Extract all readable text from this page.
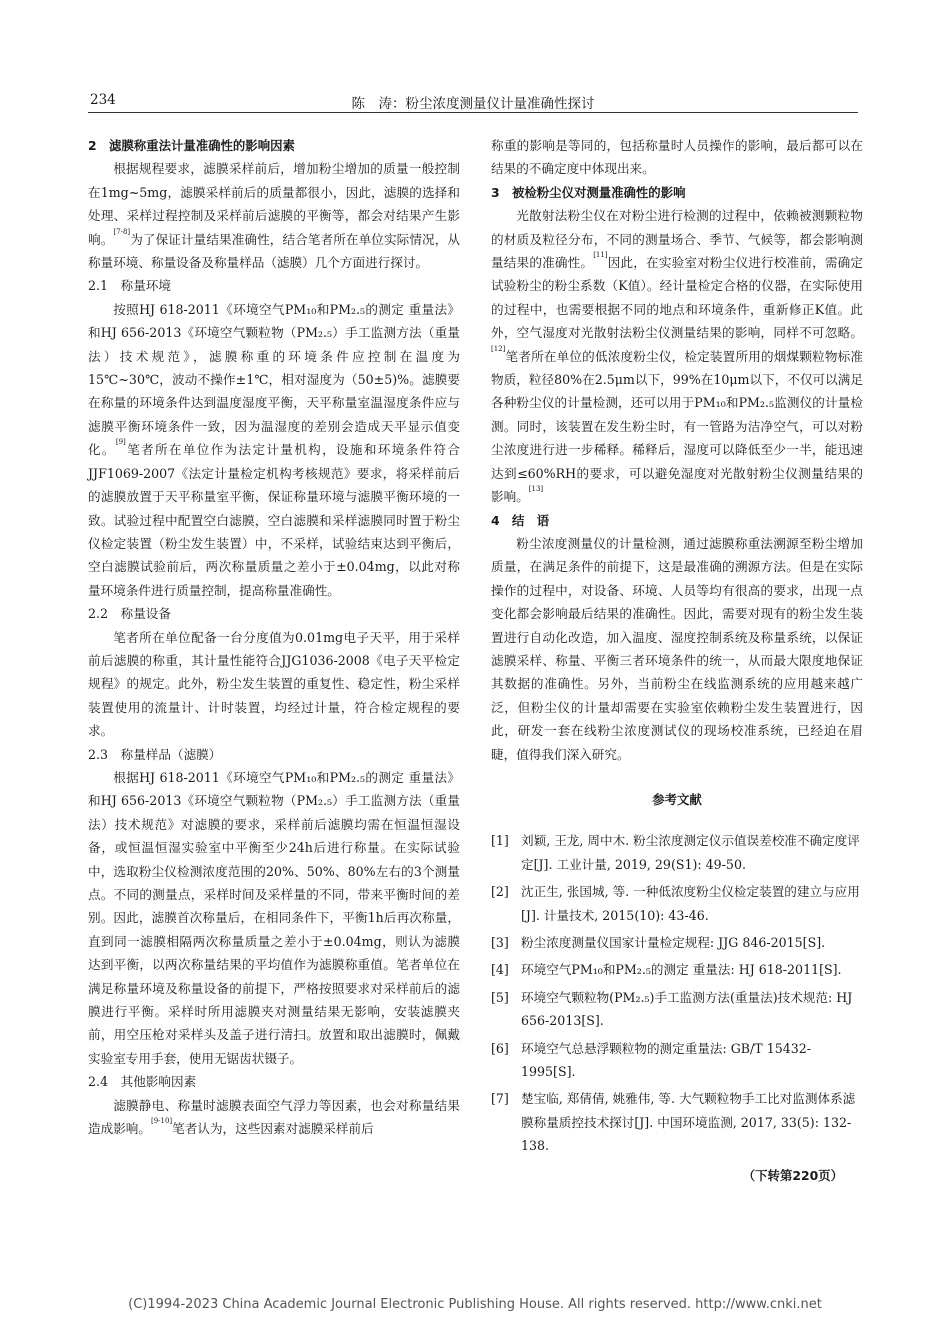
234	陈　涛：粉尘浓度测量仪计量准确性探讨

2　滤膜称重法计量准确性的影响因素

根据规程要求，滤膜采样前后，增加粉尘增加的质量一般控制在1mg~5mg，滤膜采样前后的质量都很小，因此，滤膜的选择和处理、采样过程控制及采样前后滤膜的平衡等，都会对结果产生影响。[7-8]为了保证计量结果准确性，结合笔者所在单位实际情况，从称量环境、称量设备及称量样品（滤膜）几个方面进行探讨。

2.1　称量环境

按照HJ 618-2011《环境空气PM₁₀和PM₂.₅的测定 重量法》和HJ 656-2013《环境空气颗粒物（PM₂.₅）手工监测方法（重量法）技术规范》，滤膜称重的环境条件应控制在温度为15℃~30℃，波动不操作±1℃，相对湿度为（50±5)%。滤膜要在称量的环境条件达到温度湿度平衡，天平称量室温湿度条件应与滤膜平衡环境条件一致，因为温湿度的差别会造成天平显示值变化。[9]笔者所在单位作为法定计量机构，设施和环境条件符合JJF1069-2007《法定计量检定机构考核规范》要求，将采样前后的滤膜放置于天平称量室平衡，保证称量环境与滤膜平衡环境的一致。试验过程中配置空白滤膜，空白滤膜和采样滤膜同时置于粉尘仪检定装置（粉尘发生装置）中，不采样，试验结束达到平衡后，空白滤膜试验前后，两次称量质量之差小于±0.04mg，以此对称量环境条件进行质量控制，提高称量准确性。

2.2　称量设备

笔者所在单位配备一台分度值为0.01mg电子天平，用于采样前后滤膜的称重，其计量性能符合JJG1036-2008《电子天平检定规程》的规定。此外，粉尘发生装置的重复性、稳定性，粉尘采样装置使用的流量计、计时装置，均经过计量，符合检定规程的要求。

2.3　称量样品（滤膜）

根据HJ 618-2011《环境空气PM₁₀和PM₂.₅的测定 重量法》和HJ 656-2013《环境空气颗粒物（PM₂.₅）手工监测方法（重量法）技术规范》对滤膜的要求，采样前后滤膜均需在恒温恒湿设备，或恒温恒湿实验室中平衡至少24h后进行称量。在实际试验中，选取粉尘仪检测浓度范围的20%、50%、80%左右的3个测量点。不同的测量点，采样时间及采样量的不同，带来平衡时间的差别。因此，滤膜首次称量后，在相同条件下，平衡1h后再次称量，直到同一滤膜相隔两次称量质量之差小于±0.04mg，则认为滤膜达到平衡，以两次称量结果的平均值作为滤膜称重值。笔者单位在满足称量环境及称量设备的前提下，严格按照要求对采样前后的滤膜进行平衡。采样时所用滤膜夹对测量结果无影响，安装滤膜夹前，用空压枪对采样头及盖子进行清扫。放置和取出滤膜时，佩戴实验室专用手套，使用无锯齿状镊子。

2.4　其他影响因素

滤膜静电、称量时滤膜表面空气浮力等因素，也会对称量结果造成影响。[9-10]笔者认为，这些因素对滤膜采样前后

称重的影响是等同的，包括称量时人员操作的影响，最后都可以在结果的不确定度中体现出来。

3　被检粉尘仪对测量准确性的影响

光散射法粉尘仪在对粉尘进行检测的过程中，依赖被测颗粒物的材质及粒径分布，不同的测量场合、季节、气候等，都会影响测量结果的准确性。[11]因此，在实验室对粉尘仪进行校准前，需确定试验粉尘的粉尘系数（K值）。经计量检定合格的仪器，在实际使用的过程中，也需要根据不同的地点和环境条件，重新修正K值。此外，空气湿度对光散射法粉尘仪测量结果的影响，同样不可忽略。[12]笔者所在单位的低浓度粉尘仪，检定装置所用的烟煤颗粒物标准物质，粒径80%在2.5μm以下，99%在10μm以下，不仅可以满足各种粉尘仪的计量检测，还可以用于PM₁₀和PM₂.₅监测仪的计量检测。同时，该装置在发生粉尘时，有一管路为洁净空气，可以对粉尘浓度进行进一步稀释。稀释后，湿度可以降低至少一半，能迅速达到≤60%RH的要求，可以避免湿度对光散射粉尘仪测量结果的影响。[13]

4　结　语

粉尘浓度测量仪的计量检测，通过滤膜称重法溯源至粉尘增加质量，在满足条件的前提下，这是最准确的溯源方法。但是在实际操作的过程中，对设备、环境、人员等均有很高的要求，出现一点变化都会影响最后结果的准确性。因此，需要对现有的粉尘发生装置进行自动化改造，加入温度、湿度控制系统及称量系统，以保证滤膜采样、称量、平衡三者环境条件的统一，从而最大限度地保证其数据的准确性。另外，当前粉尘在线监测系统的应用越来越广泛，但粉尘仪的计量却需要在实验室依赖粉尘发生装置进行，因此，研发一套在线粉尘浓度测试仪的现场校准系统，已经迫在眉睫，值得我们深入研究。

参考文献

[1] 刘颖, 王龙, 周中木. 粉尘浓度测定仪示值误差校准不确定度评定[J]. 工业计量, 2019, 29(S1): 49-50.

[2] 沈正生, 张国城, 等. 一种低浓度粉尘仪检定装置的建立与应用[J]. 计量技术, 2015(10): 43-46.

[3] 粉尘浓度测量仪国家计量检定规程: JJG 846-2015[S].

[4] 环境空气PM₁₀和PM₂.₅的测定 重量法: HJ 618-2011[S].

[5] 环境空气颗粒物(PM₂.₅)手工监测方法(重量法)技术规范: HJ 656-2013[S].

[6] 环境空气总悬浮颗粒物的测定重量法: GB/T 15432-1995[S].

[7] 楚宝临, 郑倩倩, 姚雅伟, 等. 大气颗粒物手工比对监测体系滤膜称量质控技术探讨[J]. 中国环境监测, 2017, 33(5): 132-138.

（下转第220页）

(C)1994-2023 China Academic Journal Electronic Publishing House. All rights reserved. http://www.cnki.net
